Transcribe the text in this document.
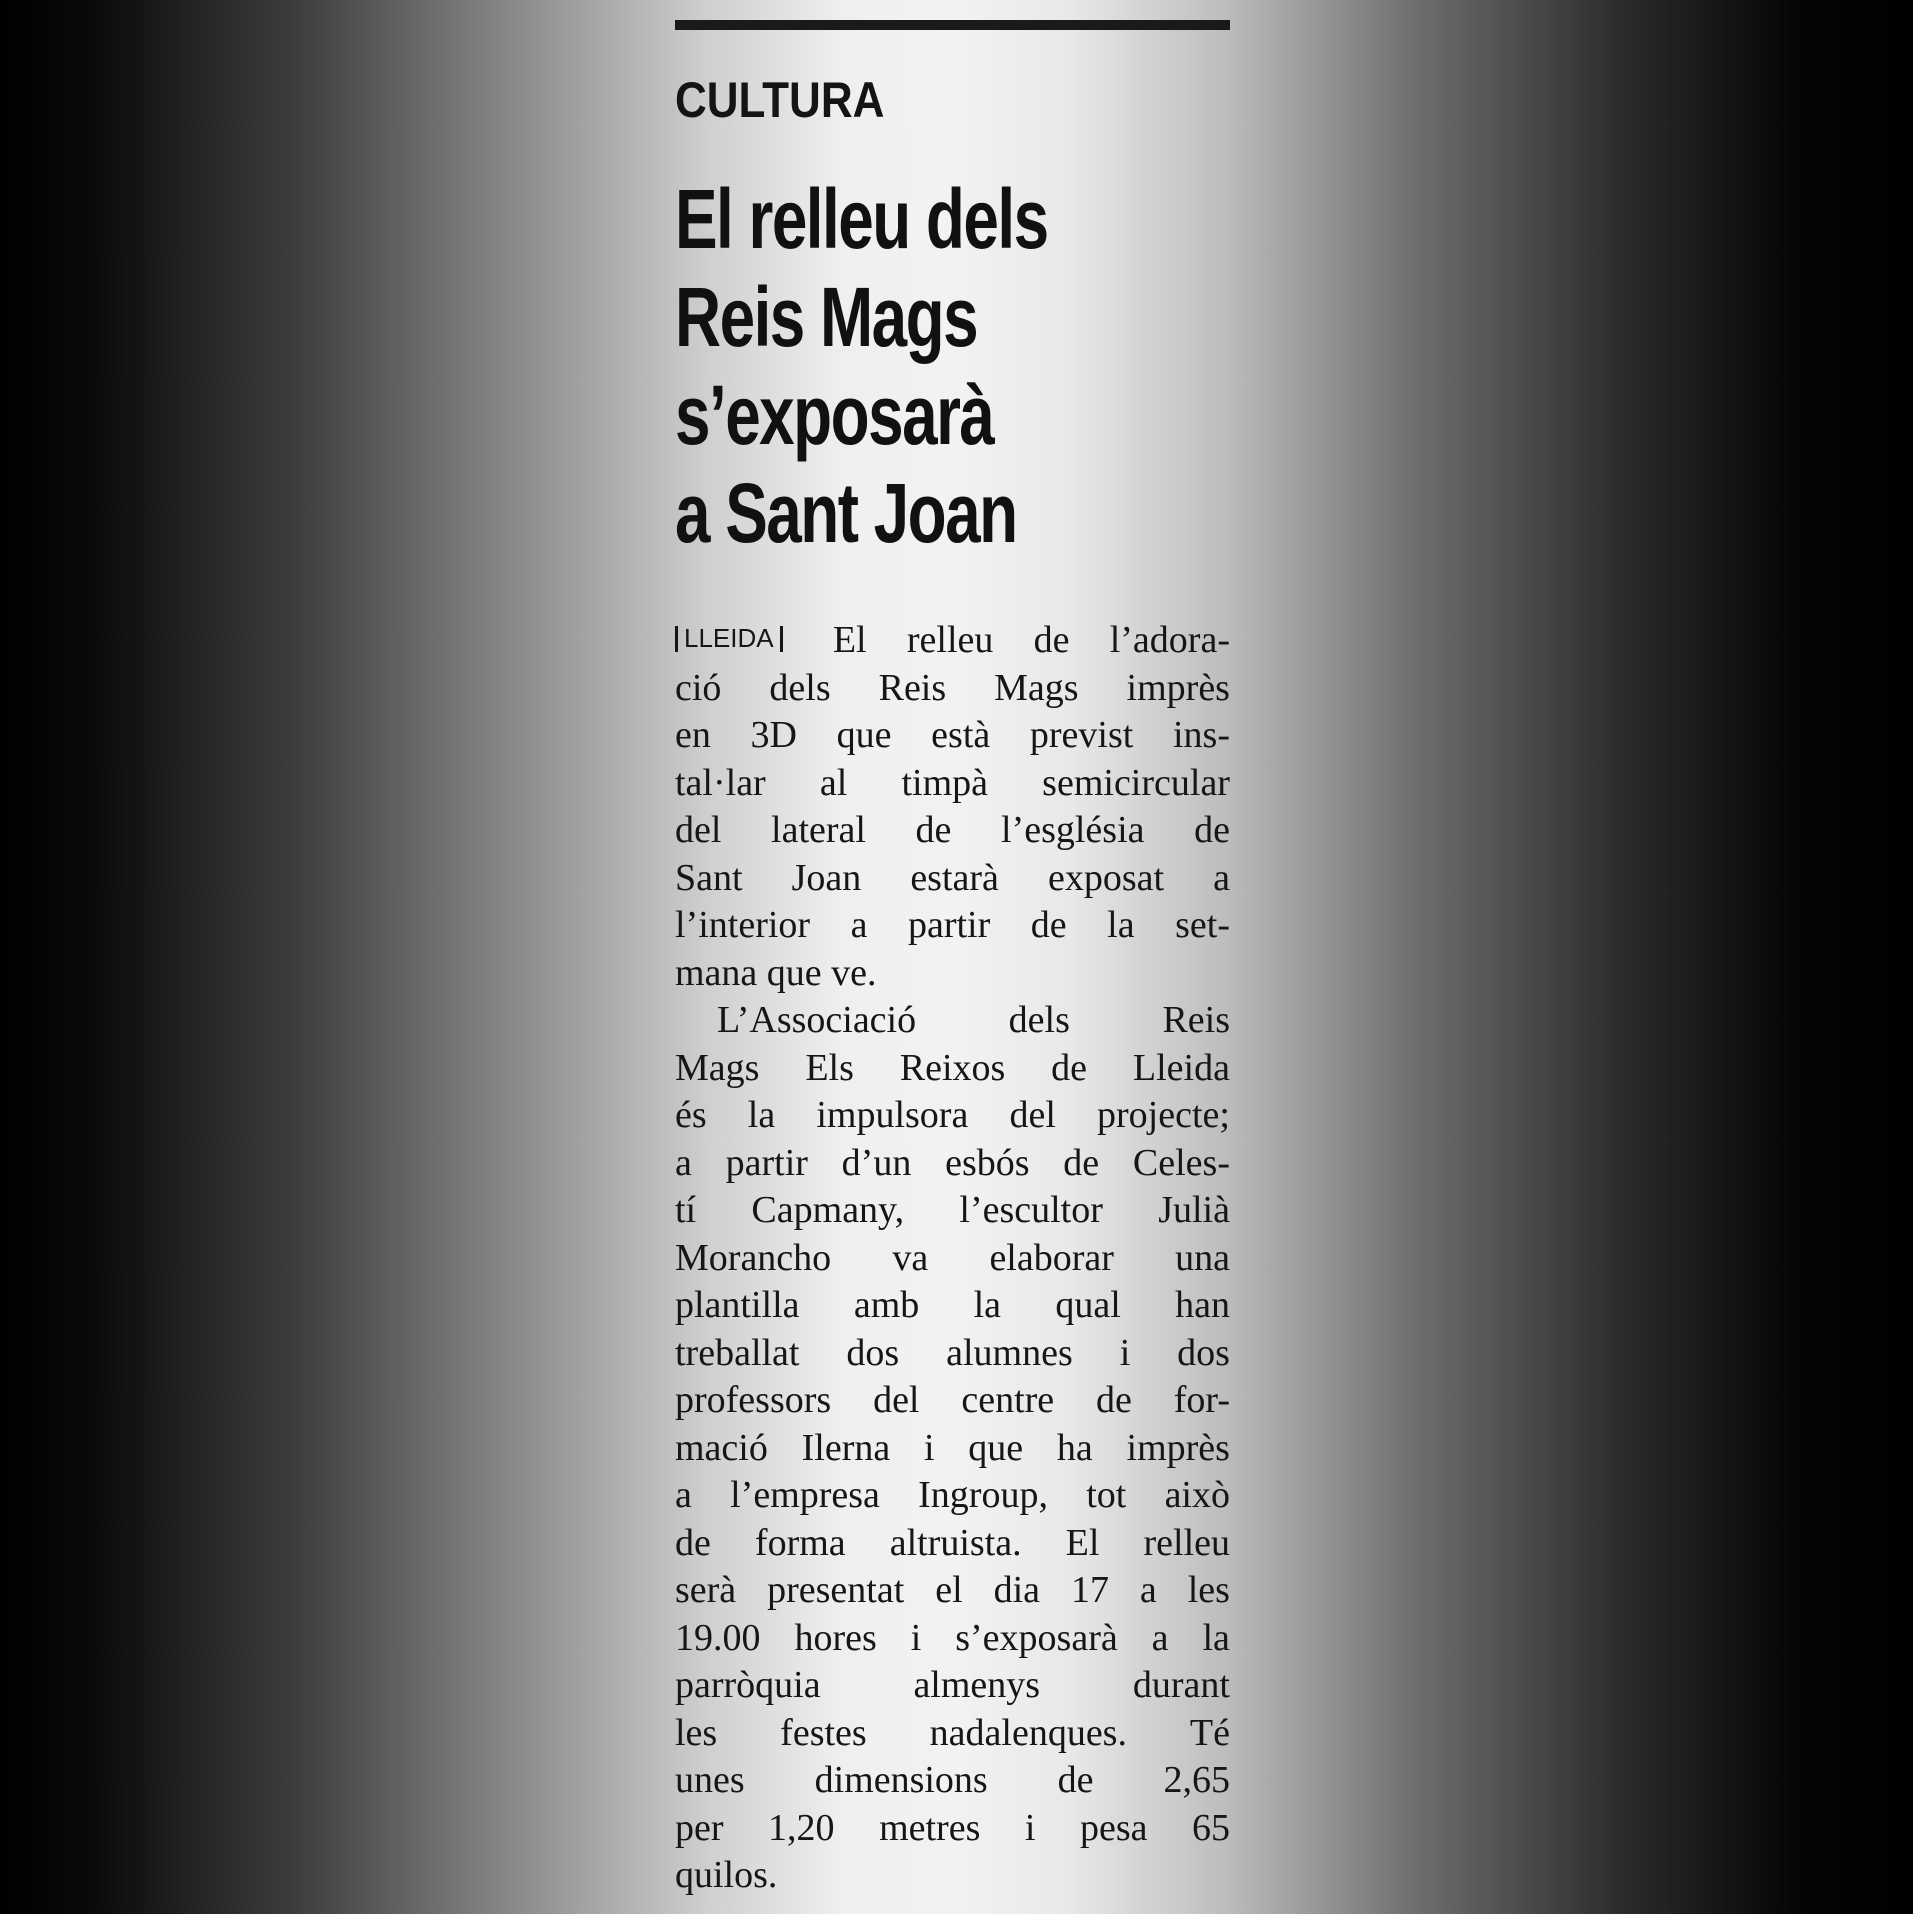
CULTURA
El relleu dels
Reis Mags
s’exposarà
a Sant Joan
LLEIDA El relleu de l’adora-
ció dels Reis Mags imprès
en 3D que està previst ins-
tal·lar al timpà semicircular
del lateral de l’església de
Sant Joan estarà exposat a
l’interior a partir de la set-
mana que ve.
L’Associació dels Reis
Mags Els Reixos de Lleida
és la impulsora del projecte;
a partir d’un esbós de Celes-
tí Capmany, l’escultor Julià
Morancho va elaborar una
plantilla amb la qual han
treballat dos alumnes i dos
professors del centre de for-
mació Ilerna i que ha imprès
a l’empresa Ingroup, tot això
de forma altruista. El relleu
serà presentat el dia 17 a les
19.00 hores i s’exposarà a la
parròquia almenys durant
les festes nadalenques. Té
unes dimensions de 2,65
per 1,20 metres i pesa 65
quilos.
